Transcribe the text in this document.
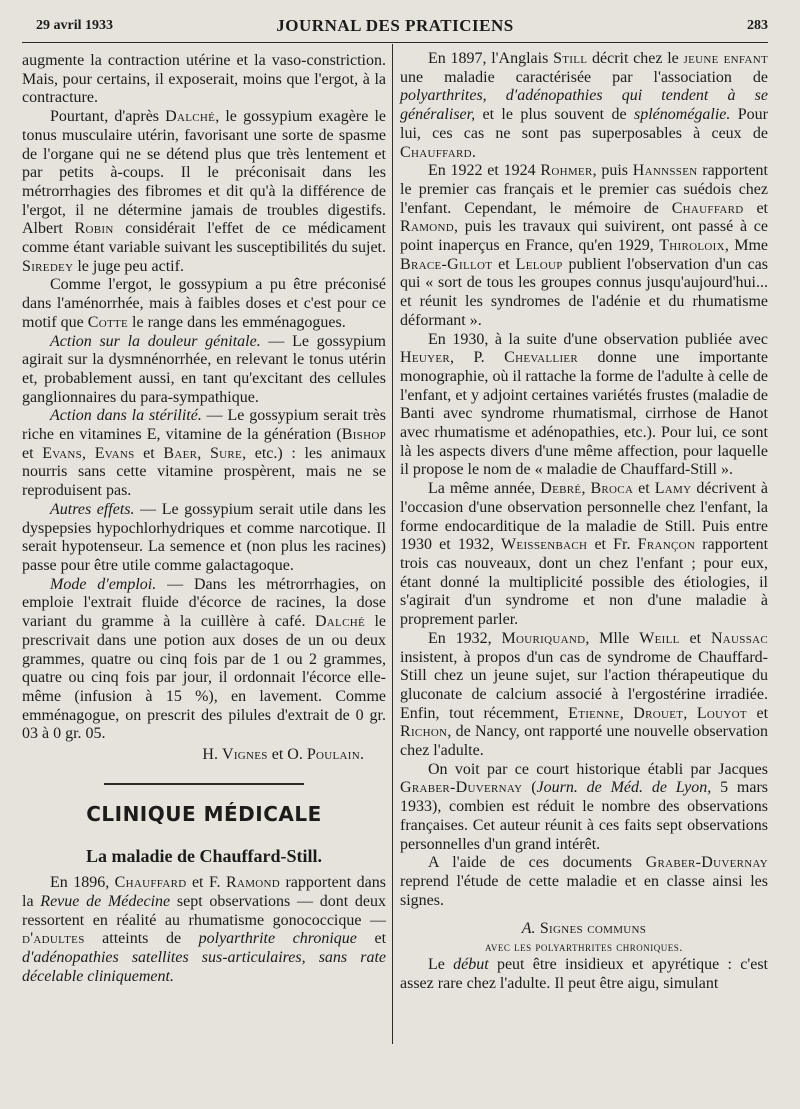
29 avril 1933	JOURNAL DES PRATICIENS	283

augmente la contraction utérine et la vaso-constriction. Mais, pour certains, il exposerait, moins que l'ergot, à la contracture.

Pourtant, d'après Dalché, le gossypium exagère le tonus musculaire utérin, favorisant une sorte de spasme de l'organe qui ne se détend plus que très lentement et par petits à-coups. Il le préconisait dans les métrorrhagies des fibromes et dit qu'à la différence de l'ergot, il ne détermine jamais de troubles digestifs. Albert Robin considérait l'effet de ce médicament comme étant variable suivant les susceptibilités du sujet. Siredey le juge peu actif.

Comme l'ergot, le gossypium a pu être préconisé dans l'aménorrhée, mais à faibles doses et c'est pour ce motif que Cotte le range dans les emménagogues.

Action sur la douleur génitale. — Le gossypium agirait sur la dysmnénorrhée, en relevant le tonus utérin et, probablement aussi, en tant qu'excitant des cellules ganglionnaires du para-sympathique.

Action dans la stérilité. — Le gossypium serait très riche en vitamines E, vitamine de la génération (Bishop et Evans, Evans et Baer, Sure, etc.) : les animaux nourris sans cette vitamine prospèrent, mais ne se reproduisent pas.

Autres effets. — Le gossypium serait utile dans les dyspepsies hypochlorhydriques et comme narcotique. Il serait hypotenseur. La semence et (non plus les racines) passe pour être utile comme galactagoque.

Mode d'emploi. — Dans les métrorrhagies, on emploie l'extrait fluide d'écorce de racines, la dose variant du gramme à la cuillère à café. Dalché le prescrivait dans une potion aux doses de un ou deux grammes, quatre ou cinq fois par de 1 ou 2 grammes, quatre ou cinq fois par jour, il ordonnait l'écorce elle-même (infusion à 15 %), en lavement. Comme emménagogue, on prescrit des pilules d'extrait de 0 gr. 03 à 0 gr. 05.

H. Vignes et O. Poulain.

CLINIQUE MÉDICALE
La maladie de Chauffard-Still.

En 1896, Chauffard et F. Ramond rapportent dans la Revue de Médecine sept observations — dont deux ressortent en réalité au rhumatisme gonococcique — d'adultes atteints de polyarthrite chronique et d'adénopathies satellites sus-articulaires, sans rate décelable cliniquement.

En 1897, l'Anglais Still décrit chez le jeune enfant une maladie caractérisée par l'association de polyarthrites, d'adénopathies qui tendent à se généraliser, et le plus souvent de splénomégalie. Pour lui, ces cas ne sont pas superposables à ceux de Chauffard.

En 1922 et 1924 Rohmer, puis Hannssen rapportent le premier cas français et le premier cas suédois chez l'enfant. Cependant, le mémoire de Chauffard et Ramond, puis les travaux qui suivirent, ont passé à ce point inaperçus en France, qu'en 1929, Thiroloix, Mme Brace-Gillot et Leloup publient l'observation d'un cas qui « sort de tous les groupes connus jusqu'aujourd'hui... et réunit les syndromes de l'adénie et du rhumatisme déformant ».

En 1930, à la suite d'une observation publiée avec Heuyer, P. Chevallier donne une importante monographie, où il rattache la forme de l'adulte à celle de l'enfant, et y adjoint certaines variétés frustes (maladie de Banti avec syndrome rhumatismal, cirrhose de Hanot avec rhumatisme et adénopathies, etc.). Pour lui, ce sont là les aspects divers d'une même affection, pour laquelle il propose le nom de « maladie de Chauffard-Still ».

La même année, Debré, Broca et Lamy décrivent à l'occasion d'une observation personnelle chez l'enfant, la forme endocarditique de la maladie de Still. Puis entre 1930 et 1932, Weissenbach et Fr. Françon rapportent trois cas nouveaux, dont un chez l'enfant ; pour eux, étant donné la multiplicité possible des étiologies, il s'agirait d'un syndrome et non d'une maladie à proprement parler.

En 1932, Mouriquand, Mlle Weill et Naussac insistent, à propos d'un cas de syndrome de Chauffard-Still chez un jeune sujet, sur l'action thérapeutique du gluconate de calcium associé à l'ergostérine irradiée. Enfin, tout récemment, Etienne, Drouet, Louyot et Richon, de Nancy, ont rapporté une nouvelle observation chez l'adulte.

On voit par ce court historique établi par Jacques Graber-Duvernay (Journ. de Méd. de Lyon, 5 mars 1933), combien est réduit le nombre des observations françaises. Cet auteur réunit à ces faits sept observations personnelles d'un grand intérêt.

A l'aide de ces documents Graber-Duvernay reprend l'étude de cette maladie et en classe ainsi les signes.

A. Signes communs
avec les polyarthrites chroniques.

Le début peut être insidieux et apyrétique : c'est assez rare chez l'adulte. Il peut être aigu, simulant
